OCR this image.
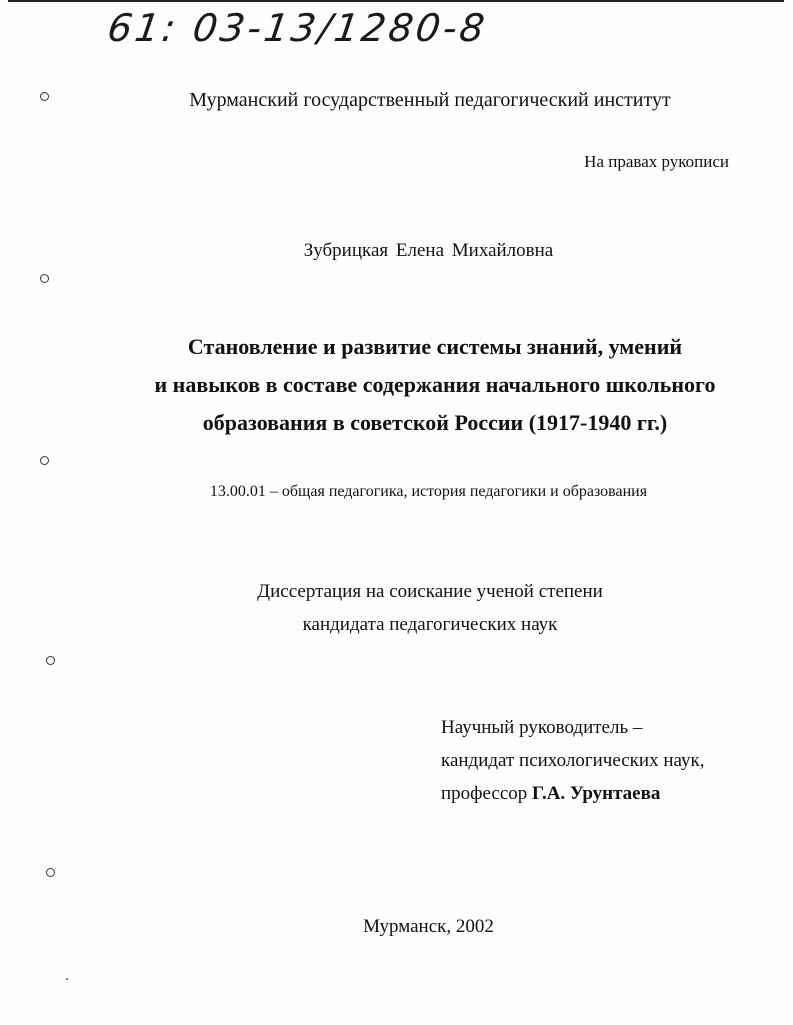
61: 03-13/1280-8
Мурманский государственный педагогический институт
На правах рукописи
Зубрицкая Елена Михайловна
Становление и развитие системы знаний, умений
и навыков в составе содержания начального школьного
образования в советской России (1917-1940 гг.)
13.00.01 – общая педагогика, история педагогики и образования
Диссертация на соискание ученой степени
кандидата педагогических наук
Научный руководитель –
кандидат психологических наук,
профессор Г.А. Урунтаева
Мурманск, 2002
